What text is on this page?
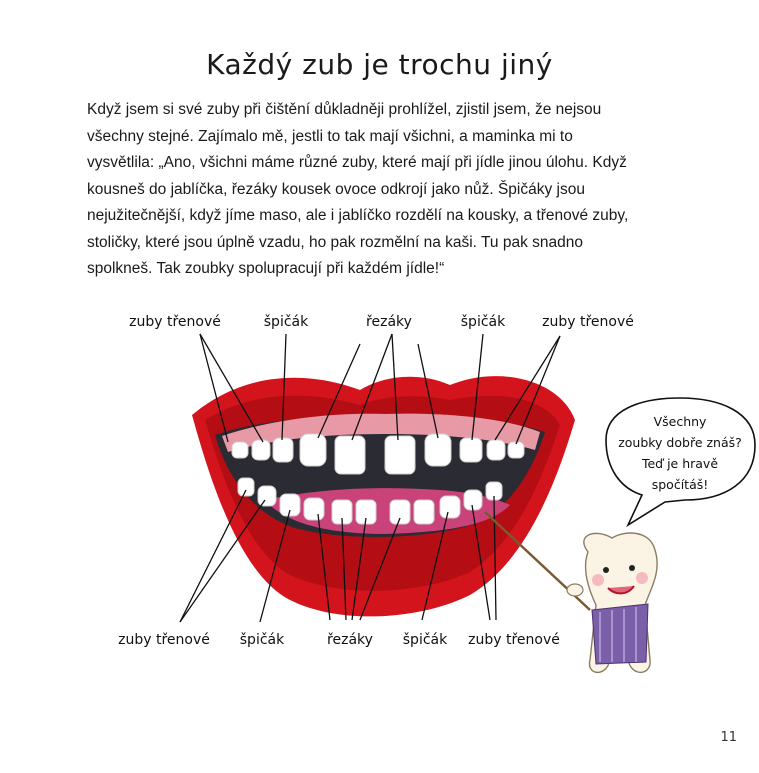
Každý zub je trochu jiný

Když jsem si své zuby při čištění důkladněji prohlížel, zjistil jsem, že nejsou

všechny stejné. Zajímalo mě, jestli to tak mají všichni, a maminka mi to

vysvětlila: „Ano, všichni máme různé zuby, které mají při jídle jinou úlohu. Když

kousneš do jablíčka, řezáky kousek ovoce odkrojí jako nůž. Špičáky jsou

nejužitečnější, když jíme maso, ale i jablíčko rozdělí na kousky, a třenové zuby,

stoličky, které jsou úplně vzadu, ho pak rozmělní na kaši. Tu pak snadno

spolkneš. Tak zoubky spolupracují při každém jídle!“

zuby třenové	špičák	řezáky	špičák	zuby třenové
zuby třenové špičák	řezáky špičák zuby třenové
Všechny
zoubky dobře znáš?
Teď je hravě
spočítáš!
11
